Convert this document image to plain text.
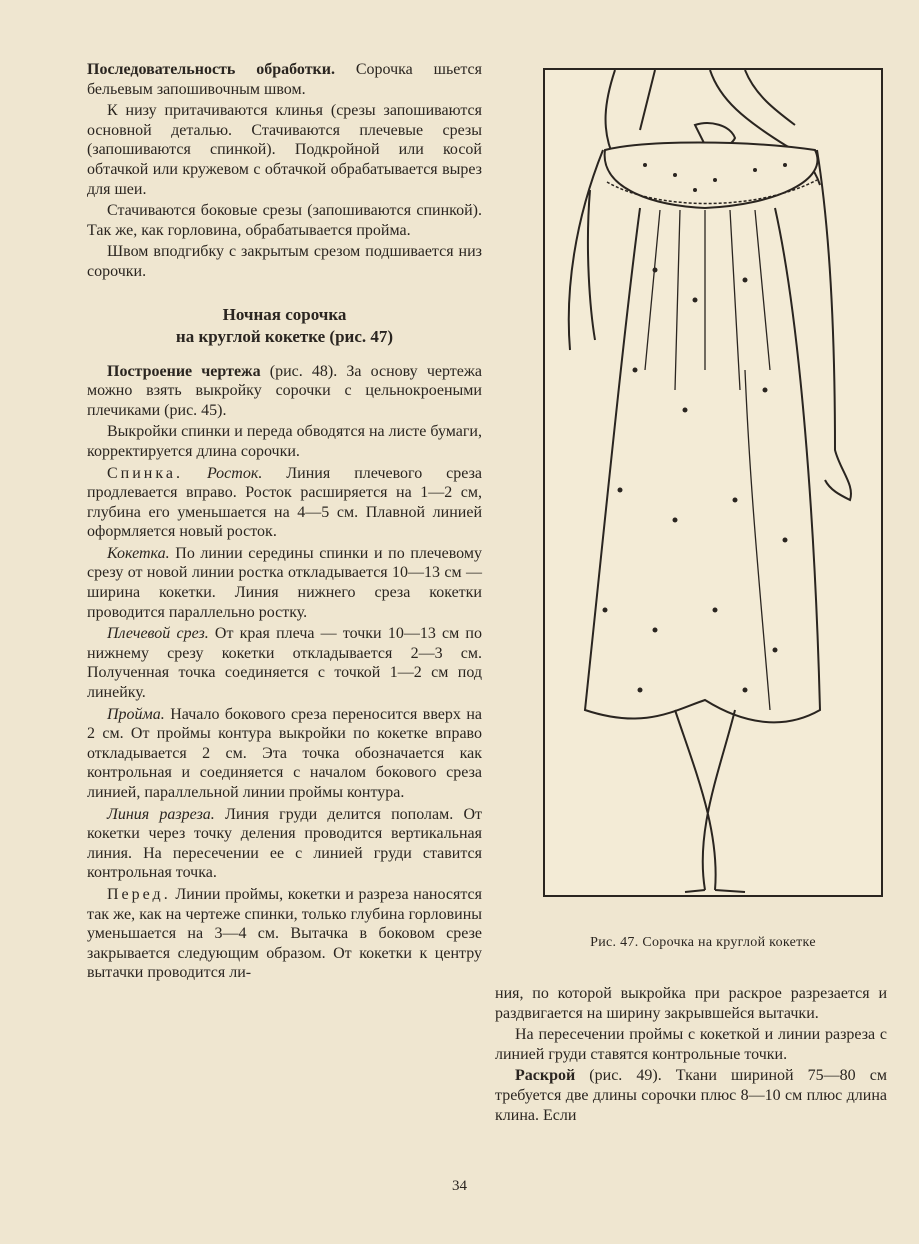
Последовательность обработки. Сорочка шьется бельевым запошивочным швом.

К низу притачиваются клинья (срезы запошиваются основной деталью. Стачиваются плечевые срезы (запошиваются спинкой). Подкройной или косой обтачкой или кружевом с обтачкой обрабатывается вырез для шеи.

Стачиваются боковые срезы (запошиваются спинкой). Так же, как горловина, обрабатывается пройма.

Швом вподгибку с закрытым срезом подшивается низ сорочки.

Ночная сорочка
на круглой кокетке (рис. 47)

Построение чертежа (рис. 48). За основу чертежа можно взять выкройку сорочки с цельнокроеными плечиками (рис. 45).

Выкройки спинки и переда обводятся на листе бумаги, корректируется длина сорочки.

Спинка. Росток. Линия плечевого среза продлевается вправо. Росток расширяется на 1—2 см, глубина его уменьшается на 4—5 см. Плавной линией оформляется новый росток.

Кокетка. По линии середины спинки и по плечевому срезу от новой линии ростка откладывается 10—13 см — ширина кокетки. Линия нижнего среза кокетки проводится параллельно ростку.

Плечевой срез. От края плеча — точки 10—13 см по нижнему срезу кокетки откладывается 2—3 см. Полученная точка соединяется с точкой 1—2 см под линейку.

Пройма. Начало бокового среза переносится вверх на 2 см. От проймы контура выкройки по кокетке вправо откладывается 2 см. Эта точка обозначается как контрольная и соединяется с началом бокового среза линией, параллельной линии проймы контура.

Линия разреза. Линия груди делится пополам. От кокетки через точку деления проводится вертикальная линия. На пересечении ее с линией груди ставится контрольная точка.

Перед. Линии проймы, кокетки и разреза наносятся так же, как на чертеже спинки, только глубина горловины уменьшается на 3—4 см. Вытачка в боковом срезе закрывается следующим образом. От кокетки к центру вытачки проводится ли-

Рис. 47. Сорочка на круглой кокетке

ния, по которой выкройка при раскрое разрезается и раздвигается на ширину закрывшейся вытачки.

На пересечении проймы с кокеткой и линии разреза с линией груди ставятся контрольные точки.

Раскрой (рис. 49). Ткани шириной 75—80 см требуется две длины сорочки плюс 8—10 см плюс длина клина. Если

34
